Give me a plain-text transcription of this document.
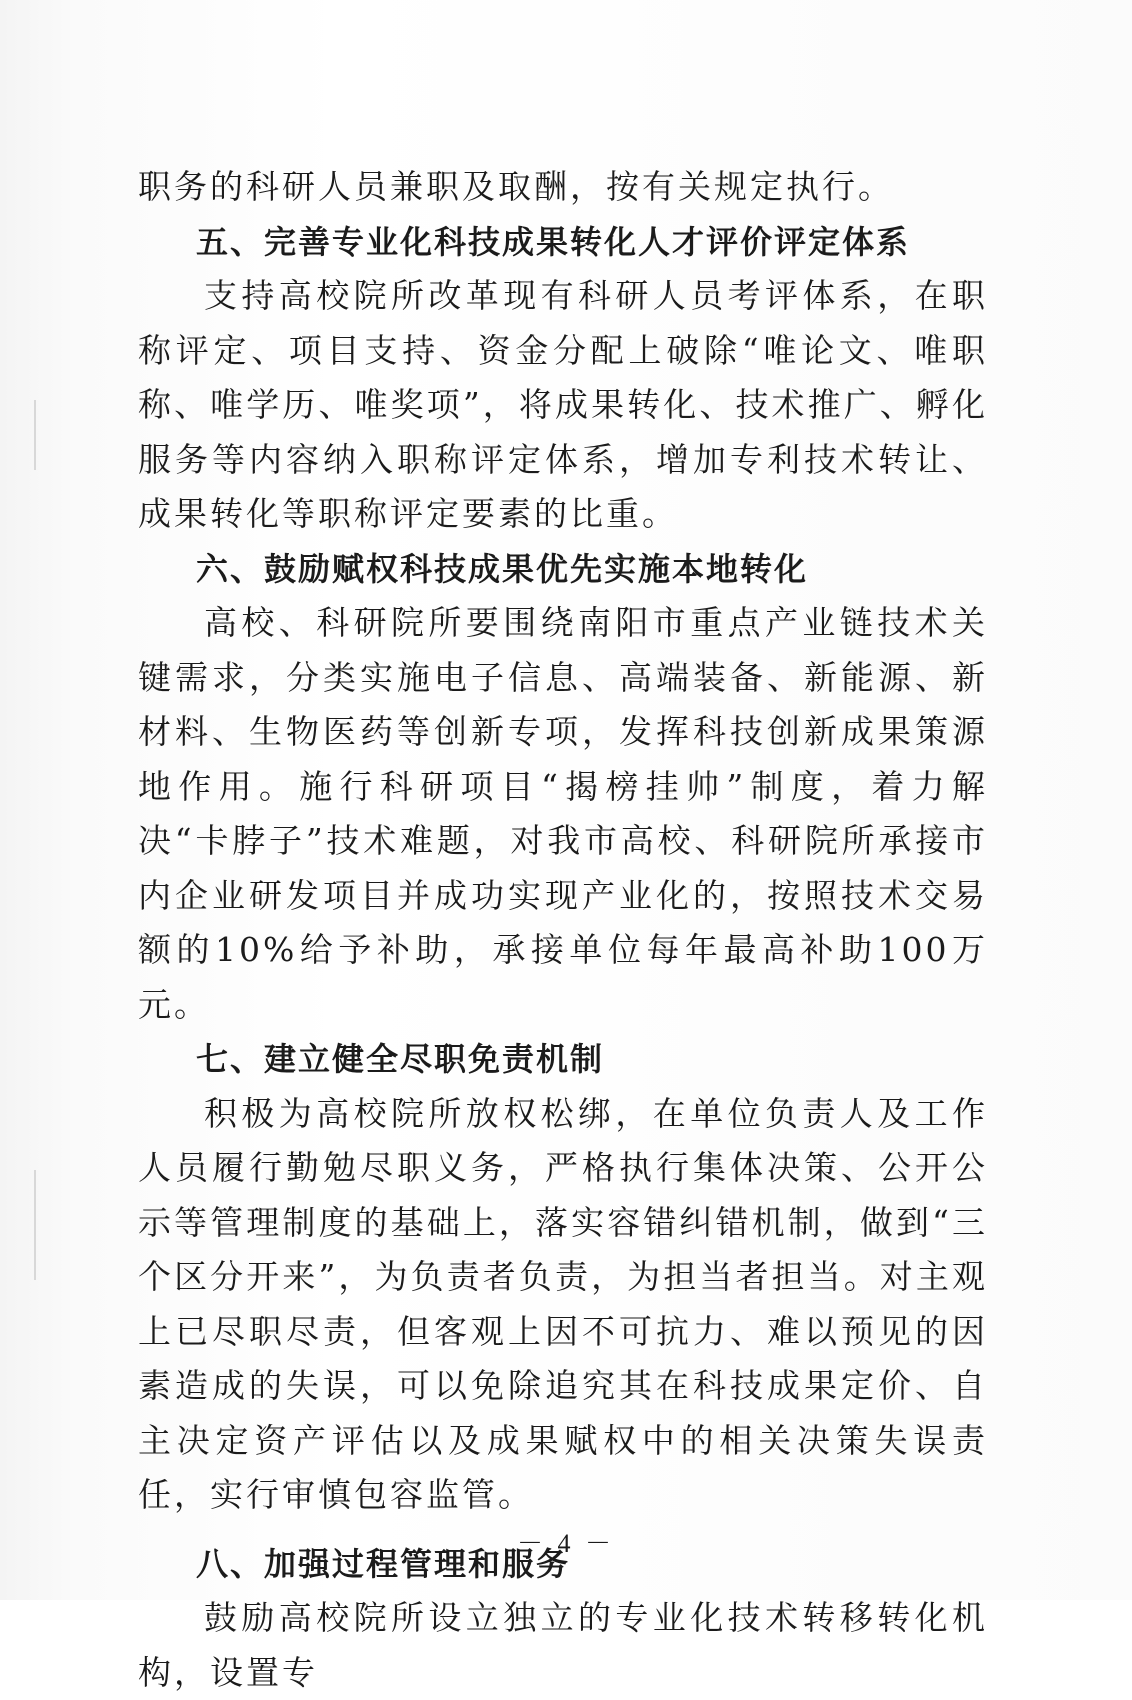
职务的科研人员兼职及取酬，按有关规定执行。

五、完善专业化科技成果转化人才评价评定体系

支持高校院所改革现有科研人员考评体系，在职称评定、项目支持、资金分配上破除“唯论文、唯职称、唯学历、唯奖项”，将成果转化、技术推广、孵化服务等内容纳入职称评定体系，增加专利技术转让、成果转化等职称评定要素的比重。

六、鼓励赋权科技成果优先实施本地转化

高校、科研院所要围绕南阳市重点产业链技术关键需求，分类实施电子信息、高端装备、新能源、新材料、生物医药等创新专项，发挥科技创新成果策源地作用。施行科研项目“揭榜挂帅”制度，着力解决“卡脖子”技术难题，对我市高校、科研院所承接市内企业研发项目并成功实现产业化的，按照技术交易额的10%给予补助，承接单位每年最高补助100万元。

七、建立健全尽职免责机制

积极为高校院所放权松绑，在单位负责人及工作人员履行勤勉尽职义务，严格执行集体决策、公开公示等管理制度的基础上，落实容错纠错机制，做到“三个区分开来”，为负责者负责，为担当者担当。对主观上已尽职尽责，但客观上因不可抗力、难以预见的因素造成的失误，可以免除追究其在科技成果定价、自主决定资产评估以及成果赋权中的相关决策失误责任，实行审慎包容监管。

八、加强过程管理和服务

鼓励高校院所设立独立的专业化技术转移转化机构，设置专

－ 4 －
